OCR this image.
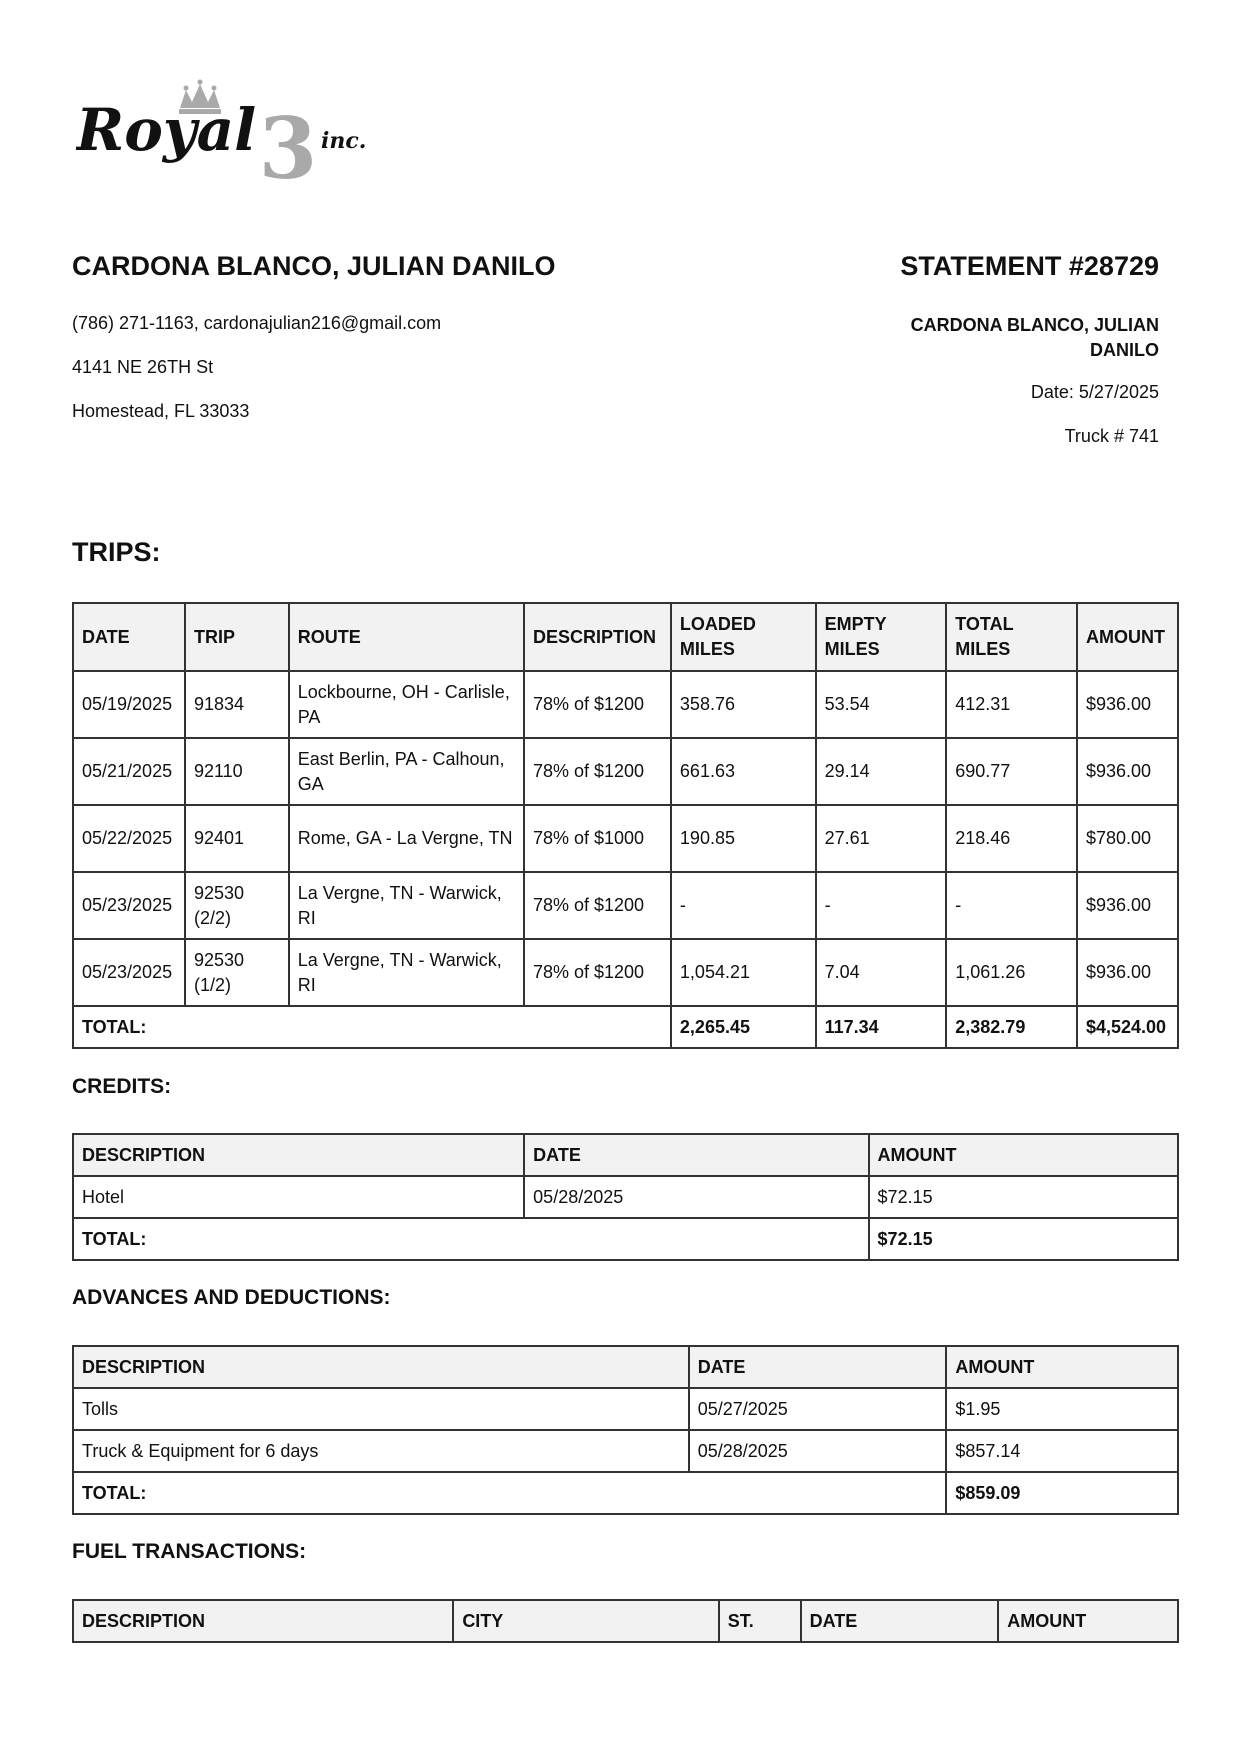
3
Royal	inc.
CARDONA BLANCO, JULIAN DANILO
(786) 271-1163, cardonajulian216@gmail.com
4141 NE 26TH St
Homestead, FL 33033
STATEMENT #28729
CARDONA BLANCO, JULIAN DANILO
Date: 5/27/2025
Truck # 741
TRIPS:
DATE	TRIP	ROUTE	DESCRIPTION	LOADED MILES	EMPTY MILES	TOTAL MILES	AMOUNT
05/19/2025	91834	Lockbourne, OH - Carlisle, PA	78% of $1200	358.76	53.54	412.31	$936.00
05/21/2025	92110	East Berlin, PA - Calhoun, GA	78% of $1200	661.63	29.14	690.77	$936.00
05/22/2025	92401	Rome, GA - La Vergne, TN	78% of $1000	190.85	27.61	218.46	$780.00
05/23/2025	92530 (2/2)	La Vergne, TN - Warwick, RI	78% of $1200	-	-	-	$936.00
05/23/2025	92530 (1/2)	La Vergne, TN - Warwick, RI	78% of $1200	1,054.21	7.04	1,061.26	$936.00
TOTAL:				2,265.45	117.34	2,382.79	$4,524.00
CREDITS:
DESCRIPTION	DATE	AMOUNT
Hotel	05/28/2025	$72.15
TOTAL:		$72.15
ADVANCES AND DEDUCTIONS:
DESCRIPTION	DATE	AMOUNT
Tolls	05/27/2025	$1.95
Truck & Equipment for 6 days	05/28/2025	$857.14
TOTAL:		$859.09
FUEL TRANSACTIONS:
DESCRIPTION	CITY	ST.	DATE	AMOUNT
